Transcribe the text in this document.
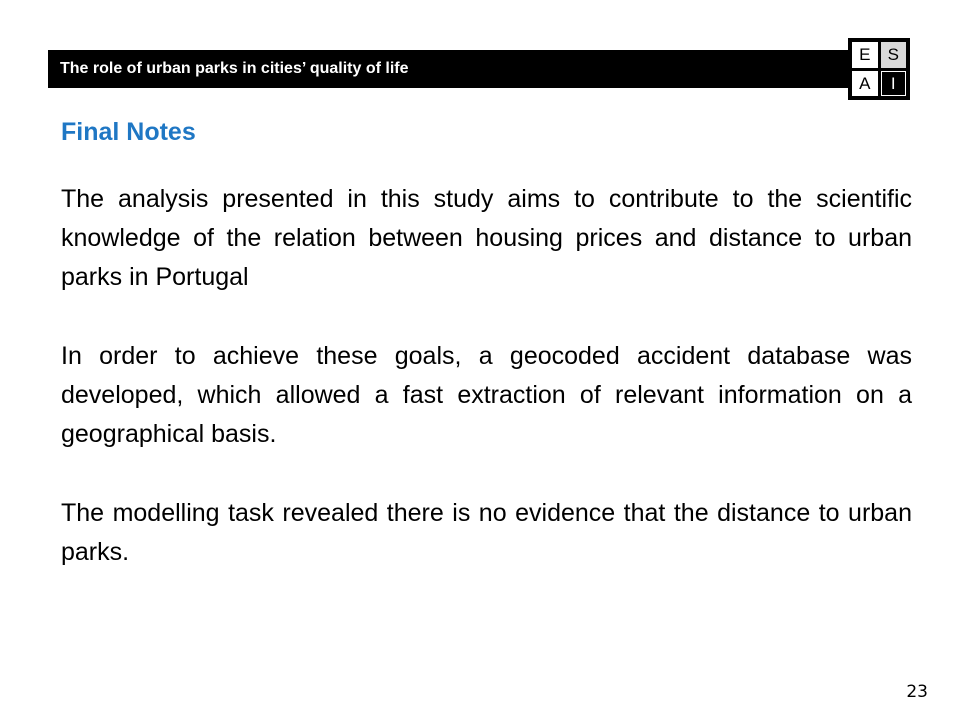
The role of urban parks in cities’ quality of life
E	S
A	I
Final Notes

The analysis presented in this study aims to contribute to the scientific knowledge of the relation between housing prices and distance to urban parks in Portugal

In order to achieve these goals, a geocoded accident database was developed, which allowed a fast extraction of relevant information on a geographical basis.

The modelling task revealed there is no evidence that the distance to urban parks.

23
